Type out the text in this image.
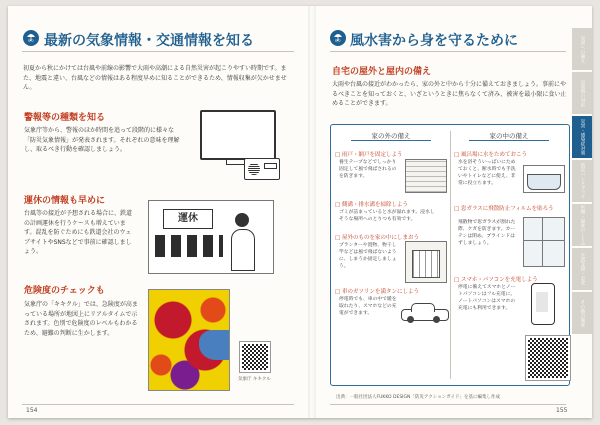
ｶｳﾝ 最新の気象情報・交通情報を知る
初夏から秋にかけては台風や前線の影響で大雨や高潮による自然災害が起こりやすい時期です。また、地震と違い、台風などの情報はある程度早めに知ることができるため、情報収集が欠かせません。
警報等の種類を知る
気象庁等から、警報のほか時間を追って段階的に様々な「防災気象情報」が発表されます。それぞれの意味を理解し、取るべき行動を確認しましょう。
運休の情報も早めに
台風等の接近が予想される場合に、鉄道の計画運休を行うケースも増えています。混乱を防ぐためにも鉄道会社のウェブサイトやSNSなどで事前に確認しましょう。
運休
危険度のチェックも
気象庁の「キキクル」では、急険度が高まっている場所が地図上にリアルタイムで示されます。色別で危険度のレベルもわかるため、避難の判断に生かします。
気象庁 キキクル
154
ｶｳﾝ 風水害から身を守るために
自宅の屋外と屋内の備え
大雨や台風の接近がわかったら、家の外と中から十分に備えておきましょう。事前にやるべきことを知っておくと、いざというときに焦らなくて済み、被害を最小限に食い止めることができます。
家の外の備え	家の中の備え
□ 雨戸・網戸を固定しよう
養生テープなどでしっかり固定して風で飛ばされるのを防ぎます。
□ 側溝・排水溝を掃除しよう
ゴミが詰まっていると水が溢れます。浸水しそうな場所へのとりつも有効です。
□ 屋外のものを家の中にしまおう
プランターや置物、物干し竿などは風で飛ばないように、しまうか固定しましょう。
□ 車のガソリンを満タンにしよう
停電時でも、車の中で暖を取れたり、スマホなどの充電ができます。
□ 風呂場に水をためておこう
水を浴そういっぱいにためておくと、断水時でも手洗いやトイレなどに使え、非常に役立ちます。
□ 窓ガラスに飛散防止フィルムを貼ろう
飛散物で窓ガラスが割れた際、ケガを防ぎます。カーテンは閉め、ブラインドはずしましょう。
□ スマホ・パソコンを充電しよう
停電に備えてスマホとノートパソコンはフル充電に。ノートパソコンはスマホの充電にも利用できます。
出典：一般社団法人FUKKO DESIGN「防災アクションガイド」を基に編集し作成
155
災害への備え
災害時の対応
災害・感染症対策
防災ハンドブック
医療・福祉のしくみ
生活支援・お金
その他の制度
